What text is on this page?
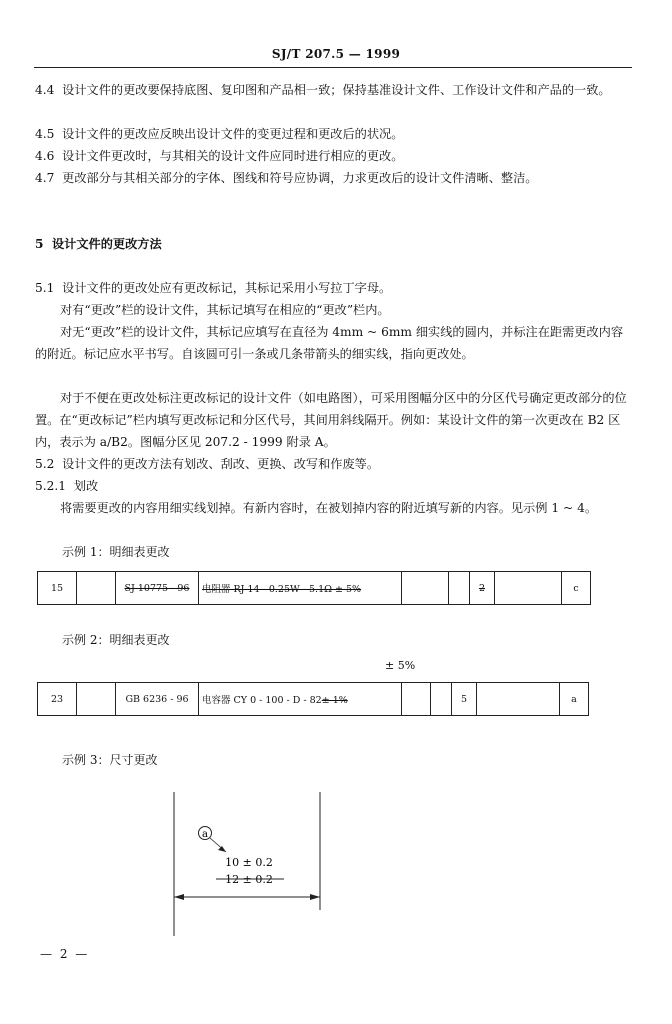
SJ/T 207.5 — 1999

4.4 设计文件的更改要保持底图、复印图和产品相一致；保持基准设计文件、工作设计文件和产品的一致。

4.5 设计文件的更改应反映出设计文件的变更过程和更改后的状况。

4.6 设计文件更改时，与其相关的设计文件应同时进行相应的更改。

4.7 更改部分与其相关部分的字体、图线和符号应协调，力求更改后的设计文件清晰、整洁。

5 设计文件的更改方法

5.1 设计文件的更改处应有更改标记，其标记采用小写拉丁字母。

对有“更改”栏的设计文件，其标记填写在相应的“更改”栏内。

对无“更改”栏的设计文件，其标记应填写在直径为 4mm ~ 6mm 细实线的圆内，并标注在距需更改内容的附近。标记应水平书写。自该圆可引一条或几条带箭头的细实线，指向更改处。

对于不便在更改处标注更改标记的设计文件（如电路图），可采用图幅分区中的分区代号确定更改部分的位置。在“更改标记”栏内填写更改标记和分区代号，其间用斜线隔开。例如：某设计文件的第一次更改在 B2 区内，表示为 a/B2。图幅分区见 207.2 - 1999 附录 A。

5.2 设计文件的更改方法有划改、刮改、更换、改写和作废等。

5.2.1 划改

将需要更改的内容用细实线划掉。有新内容时，在被划掉内容的附近填写新的内容。见示例 1 ~ 4。

示例 1：明细表更改
15		SJ 10775 - 96	电阻器 RJ 14 - 0.25W - 5.1Ω ± 5%			2		c
示例 2：明细表更改
± 5%
23		GB 6236 - 96	电容器 CY 0 - 100 - D - 82± 1%			5		a
示例 3：尺寸更改
a
10 ± 0.2
12 ± 0.2
— 2 —
